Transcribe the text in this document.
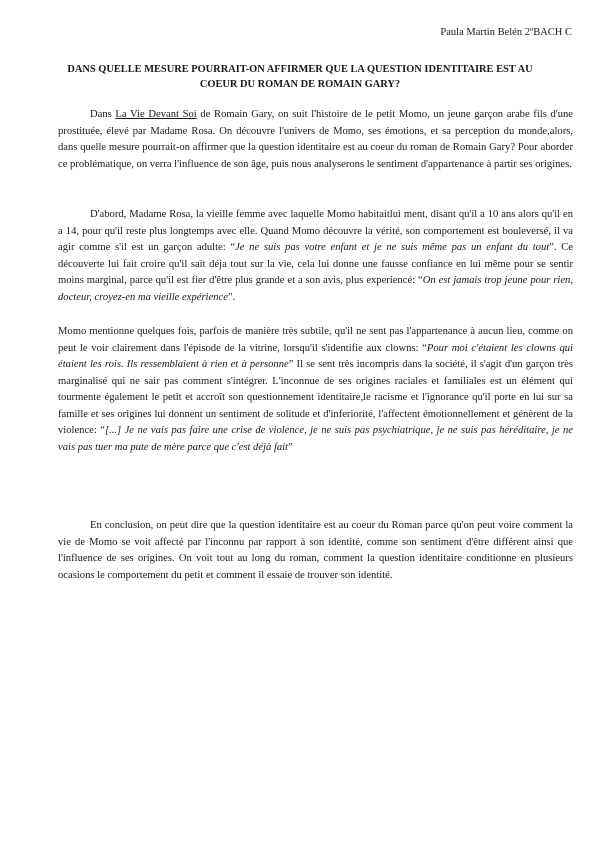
Paula Martin Belén 2ºBACH C
DANS QUELLE MESURE POURRAIT-ON AFFIRMER QUE LA QUESTION IDENTITAIRE EST AU COEUR DU ROMAN DE ROMAIN GARY?

Dans La Vie Devant Soi de Romain Gary, on suit l'histoire de le petit Momo, un jeune garçon arabe fils d'une prostituée, élevé par Madame Rosa. On découvre l'univers de Momo, ses émotions, et sa perception du monde,alors, dans quelle mesure pourrait-on affirmer que la question identitaire est au coeur du roman de Romain Gary? Pour aborder ce problématique, on verra l'influence de son âge, puis nous analyserons le sentiment d'appartenance à partir ses origines.

D'abord, Madame Rosa, la vieille femme avec laquelle Momo habitaitlui ment, disant qu'il a 10 ans alors qu'il en a 14, pour qu'il reste plus longtemps avec elle. Quand Momo découvre la vérité, son comportement est bouleversé, il va agir comme s'il est un garçon adulte: “Je ne suis pas votre enfant et je ne suis même pas un enfant du tout”. Ce découverte lui fait croire qu'il sait déja tout sur la vie, cela lui donne une fausse confiance en lui même pour se sentir moins marginal, parce qu'il est fier d'être plus grande et a son avis, plus experiencé: “On est jamais trop jeune pour rien, docteur, croyez-en ma vieille expérience”.

Momo mentionne quelques fois, parfois de manière très subtile, qu'il ne sent pas l'appartenance à aucun lieu, comme on peut le voir clairement dans l'épisode de la vitrine, lorsqu'il s'identifie aux clowns: “Pour moi c'étaient les clowns qui étaient les rois. Ils ressemblaient à rien et à personne” Il se sent très incompris dans la société, il s'agit d'un garçon très marginalisé qui ne sair pas comment s'intégrer. L'inconnue de ses origines raciales et familiales est un élément qui tourmente également le petit et accroît son questionnement identitaire,le racisme et l'ignorance qu'il porte en lui sur sa famille et ses origines lui donnent un sentiment de solitude et d'inferiorité, l'affectent émotionnellement et génèrent de la violence: “[...] Je ne vais pas faire une crise de violence, je ne suis pas psychiatrique, je ne suis pas héréditaire, je ne vais pas tuer ma pute de mère parce que c'est déjà fait”

En conclusion, on peut dire que la question identitaire est au coeur du Roman parce qu'on peut voire comment la vie de Momo se voit affecté par l'inconnu par rapport à son identité, comme son sentiment d'être différent ainsi que l'influence de ses origines. On voit tout au long du roman, comment la question identitaire conditionne en plusieurs ocasions le comportement du petit et comment il essaie de trouver son identité.
